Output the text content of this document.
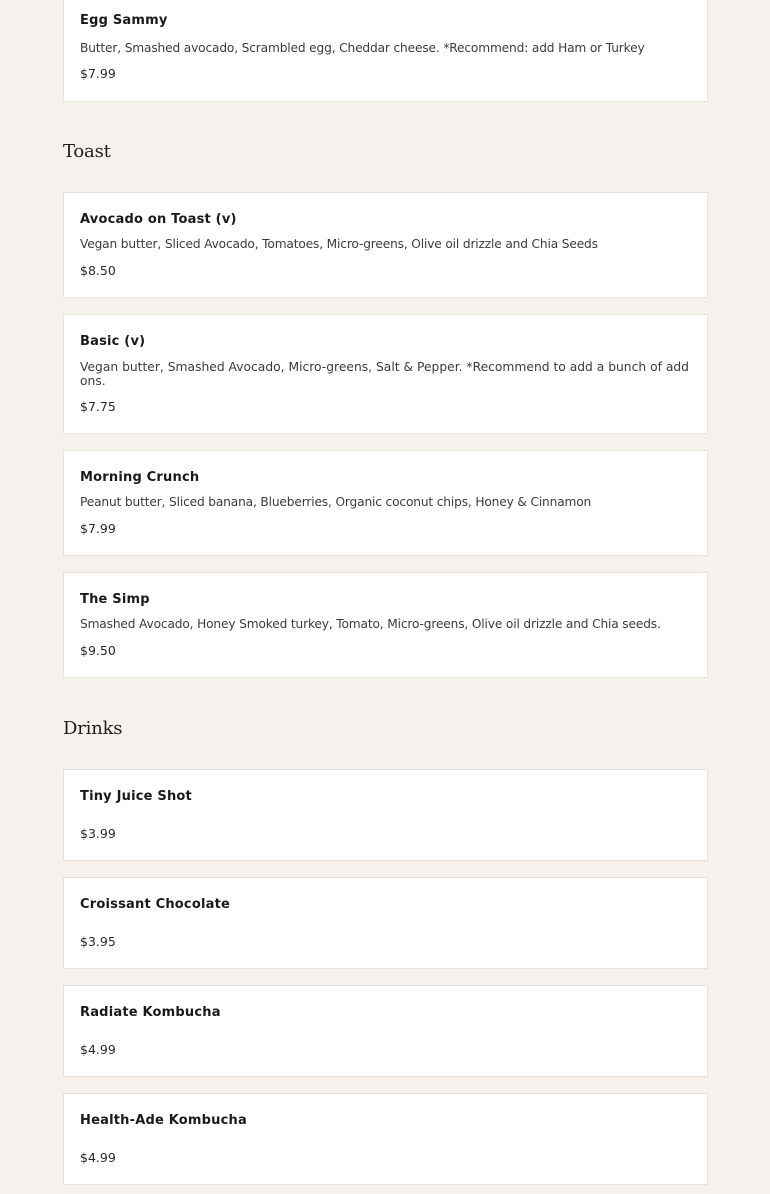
Egg Sammy
Butter, Smashed avocado, Scrambled egg, Cheddar cheese. *Recommend: add Ham or Turkey
$7.99
Toast
Avocado on Toast (v)
Vegan butter, Sliced Avocado, Tomatoes, Micro-greens, Olive oil drizzle and Chia Seeds
$8.50
Basic (v)
Vegan butter, Smashed Avocado, Micro-greens, Salt & Pepper. *Recommend to add a bunch of add ons.
$7.75
Morning Crunch
Peanut butter, Sliced banana, Blueberries, Organic coconut chips, Honey & Cinnamon
$7.99
The Simp
Smashed Avocado, Honey Smoked turkey, Tomato, Micro-greens, Olive oil drizzle and Chia seeds.
$9.50
Drinks
Tiny Juice Shot
$3.99
Croissant Chocolate
$3.95
Radiate Kombucha
$4.99
Health-Ade Kombucha
$4.99
